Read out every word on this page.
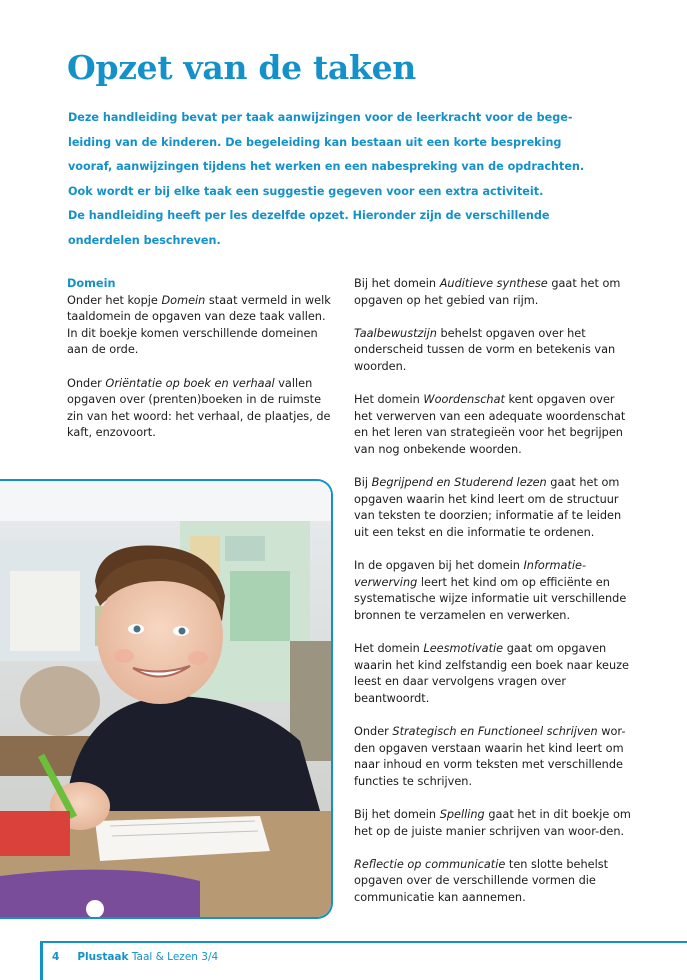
Opzet van de taken
Deze handleiding bevat per taak aanwijzingen voor de leerkracht voor de bege-
leiding van de kinderen. De begeleiding kan bestaan uit een korte bespreking
vooraf, aanwijzingen tijdens het werken en een nabespreking van de opdrachten.
Ook wordt er bij elke taak een suggestie gegeven voor een extra activiteit.
De handleiding heeft per les dezelfde opzet. Hieronder zijn de verschillende
onderdelen beschreven.
Domein

Onder het kopje Domein staat vermeld in welk taaldomein de opgaven van deze taak vallen. In dit boekje komen verschillende domeinen aan de orde.

Onder Oriëntatie op boek en verhaal vallen opgaven over (prenten)boeken in de ruimste zin van het woord: het verhaal, de plaatjes, de kaft, enzovoort.

Bij het domein Auditieve synthese gaat het om opgaven op het gebied van rijm.

Taalbewustzijn behelst opgaven over het onderscheid tussen de vorm en betekenis van woorden.

Het domein Woordenschat kent opgaven over het verwerven van een adequate woordenschat en het leren van strategieën voor het begrijpen van nog onbekende woorden.

Bij Begrijpend en Studerend lezen gaat het om opgaven waarin het kind leert om de structuur van teksten te doorzien; informatie af te leiden uit een tekst en die informatie te ordenen.

In de opgaven bij het domein Informatie-verwerving leert het kind om op efficiënte en systematische wijze informatie uit verschillende bronnen te verzamelen en verwerken.

Het domein Leesmotivatie gaat om opgaven waarin het kind zelfstandig een boek naar keuze leest en daar vervolgens vragen over beantwoordt.

Onder Strategisch en Functioneel schrijven wor-den opgaven verstaan waarin het kind leert om naar inhoud en vorm teksten met verschillende functies te schrijven.

Bij het domein Spelling gaat het in dit boekje om het op de juiste manier schrijven van woor-den.

Reflectie op communicatie ten slotte behelst opgaven over de verschillende vormen die communicatie kan aannemen.

4 Plustaak Taal & Lezen 3/4
